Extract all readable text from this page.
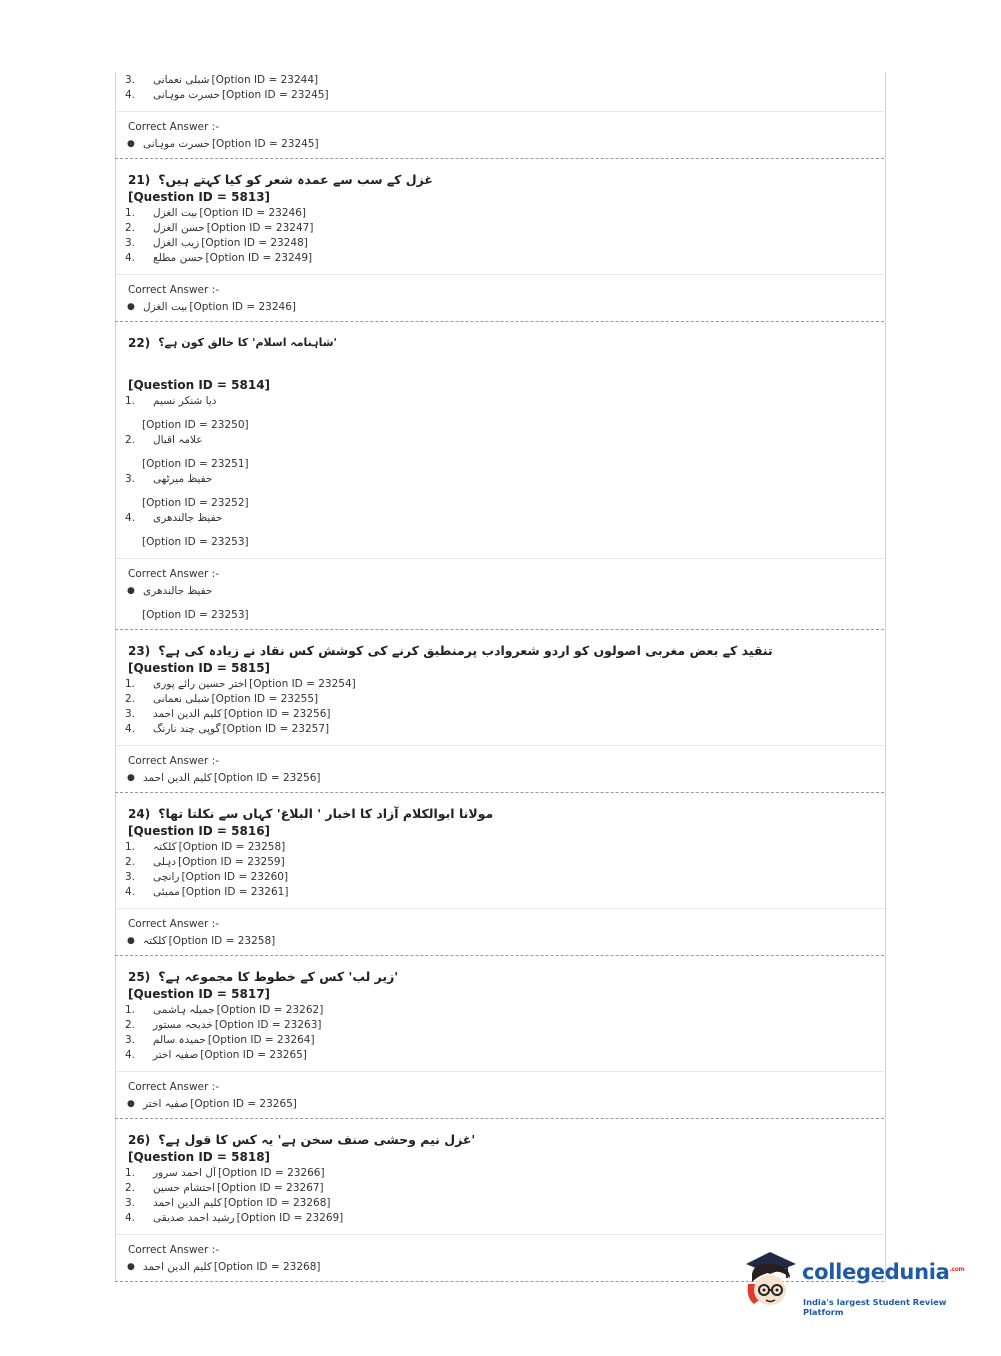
3.	شبلی نعمانی [Option ID = 23244]
4.	حسرت موہانی [Option ID = 23245]
Correct Answer :-
● حسرت موہانی [Option ID = 23245]
21) غزل کے سب سے عمدہ شعر کو کیا کہتے ہیں؟
[Question ID = 5813]
1.	بیت الغزل [Option ID = 23246]
2.	حسن الغزل [Option ID = 23247]
3.	زیب الغزل [Option ID = 23248]
4.	حسن مطلع [Option ID = 23249]
Correct Answer :-
● بیت الغزل [Option ID = 23246]
22) 'شاہنامہ اسلام' کا خالق کون ہے؟
[Question ID = 5814]
1.	دیا شنکر نسیم
[Option ID = 23250]
2.	علامہ اقبال
[Option ID = 23251]
3.	حفیظ میرٹھی
[Option ID = 23252]
4.	حفیظ جالندھری
[Option ID = 23253]
Correct Answer :-
● حفیظ جالندھری
[Option ID = 23253]
23) تنقید کے بعض مغربی اصولوں کو اردو شعروادب پرمنطبق کرنے کی کوشش کس نقاد نے زیادہ کی ہے؟
[Question ID = 5815]
1.	اختر حسین رائے پوری [Option ID = 23254]
2.	شبلی نعمانی [Option ID = 23255]
3.	کلیم الدین احمد [Option ID = 23256]
4.	گوپی چند نارنگ [Option ID = 23257]
Correct Answer :-
● کلیم الدین احمد [Option ID = 23256]
24) مولانا ابوالکلام آزاد کا اخبار ' البلاغ' کہاں سے نکلتا تھا؟
[Question ID = 5816]
1.	کلکتہ [Option ID = 23258]
2.	دہلی [Option ID = 23259]
3.	رانچی [Option ID = 23260]
4.	ممبئی [Option ID = 23261]
Correct Answer :-
● کلکتہ [Option ID = 23258]
25) 'زیر لب' کس کے خطوط کا مجموعہ ہے؟
[Question ID = 5817]
1.	جمیلہ ہاشمی [Option ID = 23262]
2.	خدیجہ مستور [Option ID = 23263]
3.	حمیدہ سالم [Option ID = 23264]
4.	صفیہ اختر [Option ID = 23265]
Correct Answer :-
● صفیہ اختر [Option ID = 23265]
26) 'غزل نیم وحشی صنف سخن ہے' یہ کس کا قول ہے؟
[Question ID = 5818]
1.	آل احمد سرور [Option ID = 23266]
2.	احتشام حسین [Option ID = 23267]
3.	کلیم الدین احمد [Option ID = 23268]
4.	رشید احمد صدیقی [Option ID = 23269]
Correct Answer :-
● کلیم الدین احمد [Option ID = 23268]	collegedunia$^{.com}$
India's largest Student Review Platform
